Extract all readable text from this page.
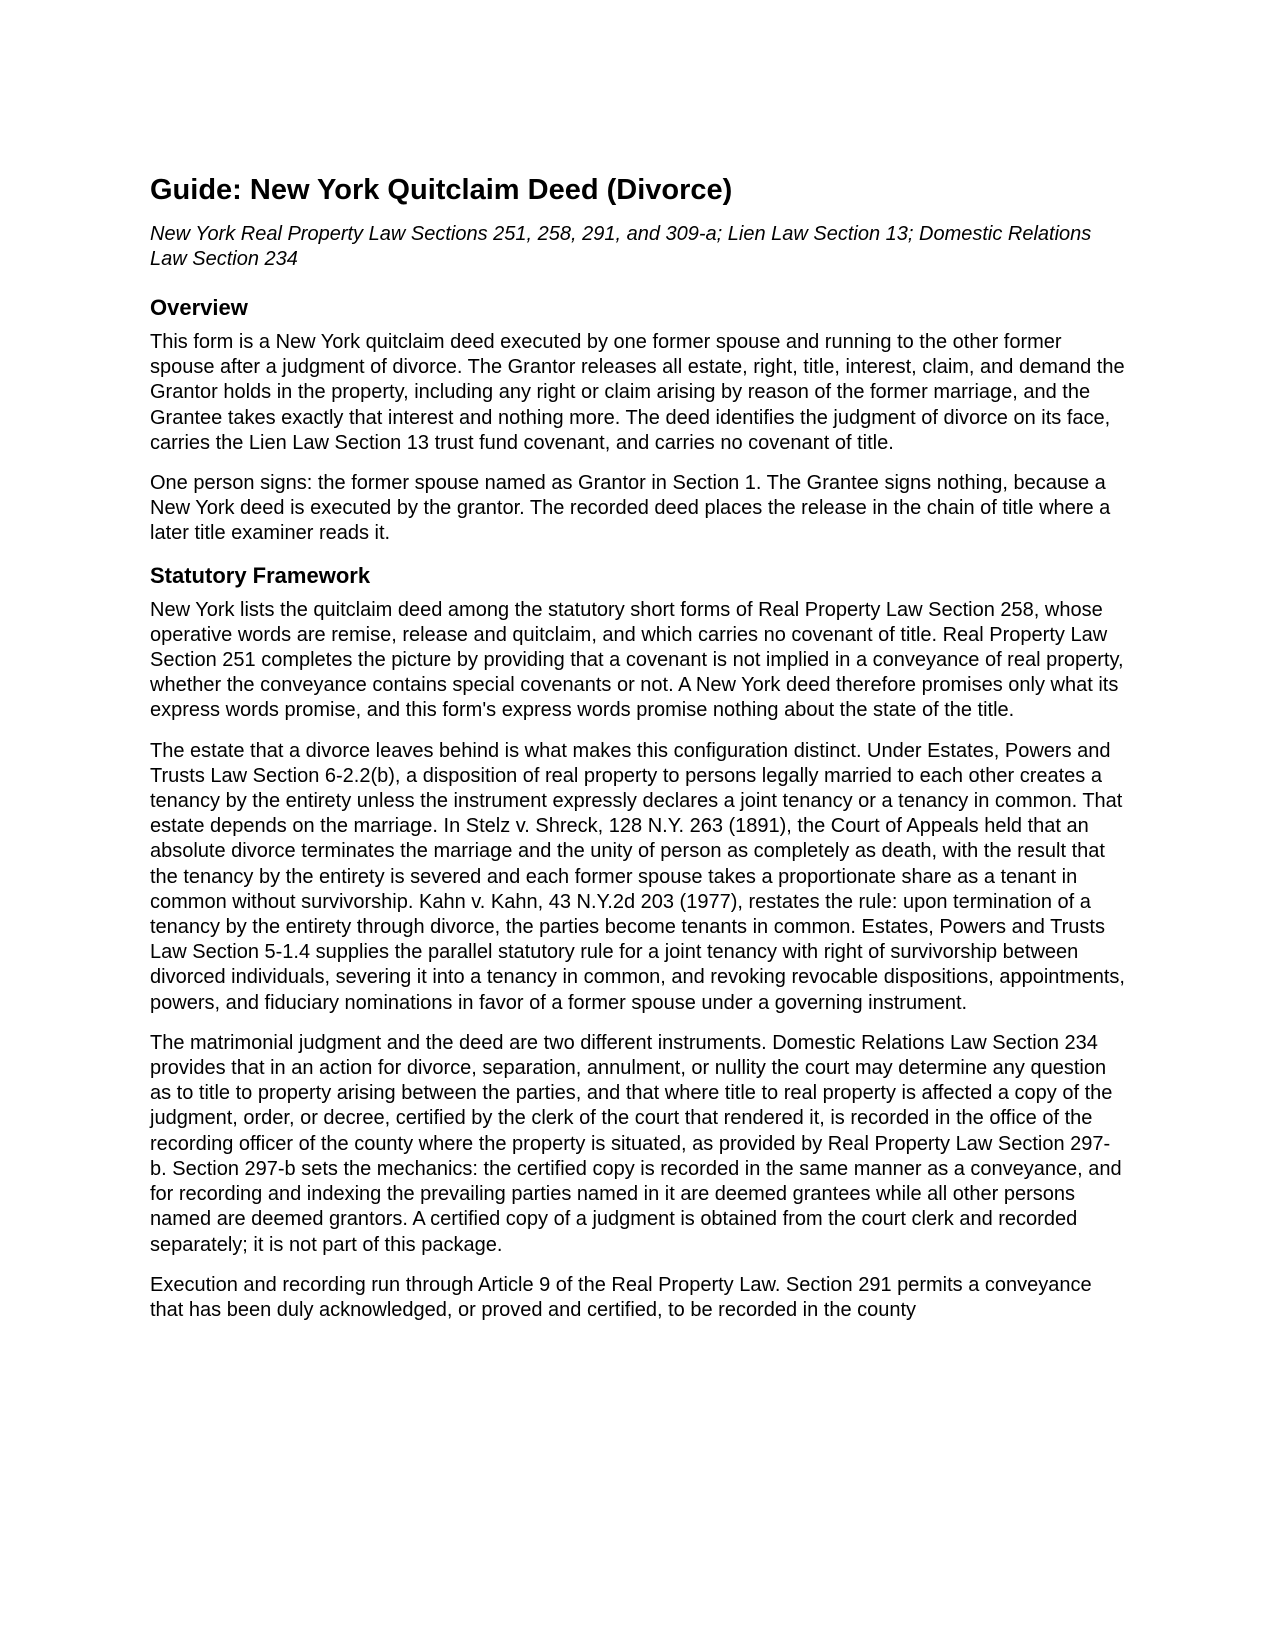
Guide: New York Quitclaim Deed (Divorce)
New York Real Property Law Sections 251, 258, 291, and 309-a; Lien Law Section 13; Domestic Relations Law Section 234
Overview

This form is a New York quitclaim deed executed by one former spouse and running to the other former spouse after a judgment of divorce. The Grantor releases all estate, right, title, interest, claim, and demand the Grantor holds in the property, including any right or claim arising by reason of the former marriage, and the Grantee takes exactly that interest and nothing more. The deed identifies the judgment of divorce on its face, carries the Lien Law Section 13 trust fund covenant, and carries no covenant of title.

One person signs: the former spouse named as Grantor in Section 1. The Grantee signs nothing, because a New York deed is executed by the grantor. The recorded deed places the release in the chain of title where a later title examiner reads it.

Statutory Framework

New York lists the quitclaim deed among the statutory short forms of Real Property Law Section 258, whose operative words are remise, release and quitclaim, and which carries no covenant of title. Real Property Law Section 251 completes the picture by providing that a covenant is not implied in a conveyance of real property, whether the conveyance contains special covenants or not. A New York deed therefore promises only what its express words promise, and this form's express words promise nothing about the state of the title.

The estate that a divorce leaves behind is what makes this configuration distinct. Under Estates, Powers and Trusts Law Section 6-2.2(b), a disposition of real property to persons legally married to each other creates a tenancy by the entirety unless the instrument expressly declares a joint tenancy or a tenancy in common. That estate depends on the marriage. In Stelz v. Shreck, 128 N.Y. 263 (1891), the Court of Appeals held that an absolute divorce terminates the marriage and the unity of person as completely as death, with the result that the tenancy by the entirety is severed and each former spouse takes a proportionate share as a tenant in common without survivorship. Kahn v. Kahn, 43 N.Y.2d 203 (1977), restates the rule: upon termination of a tenancy by the entirety through divorce, the parties become tenants in common. Estates, Powers and Trusts Law Section 5-1.4 supplies the parallel statutory rule for a joint tenancy with right of survivorship between divorced individuals, severing it into a tenancy in common, and revoking revocable dispositions, appointments, powers, and fiduciary nominations in favor of a former spouse under a governing instrument.

The matrimonial judgment and the deed are two different instruments. Domestic Relations Law Section 234 provides that in an action for divorce, separation, annulment, or nullity the court may determine any question as to title to property arising between the parties, and that where title to real property is affected a copy of the judgment, order, or decree, certified by the clerk of the court that rendered it, is recorded in the office of the recording officer of the county where the property is situated, as provided by Real Property Law Section 297-b. Section 297-b sets the mechanics: the certified copy is recorded in the same manner as a conveyance, and for recording and indexing the prevailing parties named in it are deemed grantees while all other persons named are deemed grantors. A certified copy of a judgment is obtained from the court clerk and recorded separately; it is not part of this package.

Execution and recording run through Article 9 of the Real Property Law. Section 291 permits a conveyance that has been duly acknowledged, or proved and certified, to be recorded in the county
